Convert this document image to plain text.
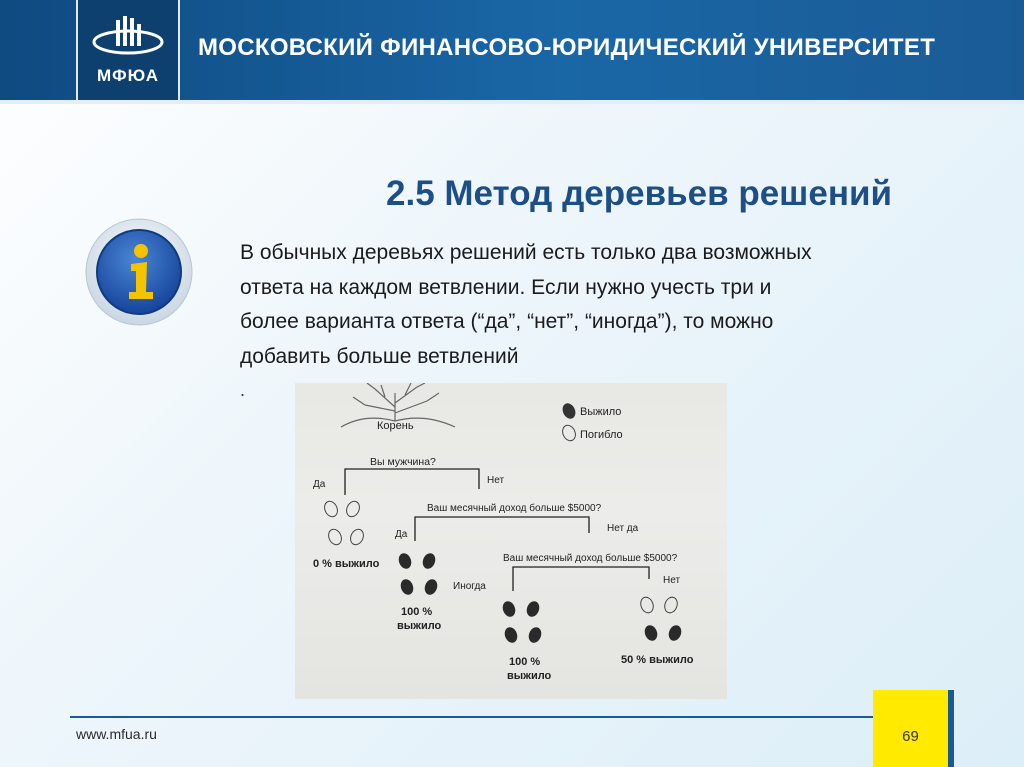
МФЮА
МОСКОВСКИЙ ФИНАНСОВО-ЮРИДИЧЕСКИЙ УНИВЕРСИТЕТ
2.5 Метод деревьев решений
В обычных деревьях решений есть только два возможных
ответа на каждом ветвлении. Если нужно учесть три и
более варианта ответа (“да”, “нет”, “иногда”), то можно
добавить больше ветвлений
.
Корень
Выжило
Погибло
Вы мужчина?
Да	Нет
0 % выжило
Ваш месячный доход больше $5000?
Да
Нет да
100 %
выжило
Ваш месячный доход больше $5000?
Иногда
Нет
100 %
выжило
50 % выжило
www.mfua.ru	69
